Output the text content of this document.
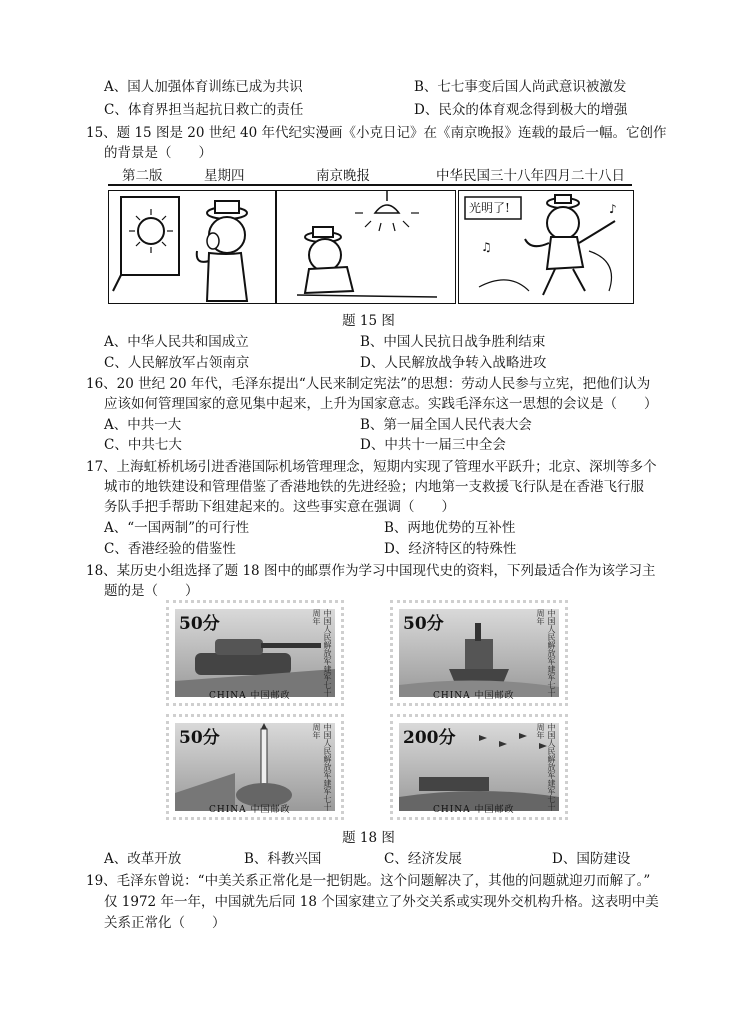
A、国人加强体育训练已成为共识	B、七七事变后国人尚武意识被激发
C、体育界担当起抗日救亡的责任	D、民众的体育观念得到极大的增强
15、题 15 图是 20 世纪 40 年代纪实漫画《小克日记》在《南京晚报》连载的最后一幅。它创作
的背景是（　　）
第二版	星期四	南京晚报	中华民国三十八年四月二十八日
♪
♫
光明了!
题 15 图
A、中华人民共和国成立	B、中国人民抗日战争胜利结束
C、人民解放军占领南京	D、人民解放战争转入战略进攻
16、20 世纪 20 年代，毛泽东提出“人民来制定宪法”的思想：劳动人民参与立宪，把他们认为
应该如何管理国家的意见集中起来，上升为国家意志。实践毛泽东这一思想的会议是（　　）
A、中共一大	B、第一届全国人民代表大会
C、中共七大	D、中共十一届三中全会
17、上海虹桥机场引进香港国际机场管理理念，短期内实现了管理水平跃升；北京、深圳等多个
城市的地铁建设和管理借鉴了香港地铁的先进经验；内地第一支救援飞行队是在香港飞行服
务队手把手帮助下组建起来的。这些事实意在强调（　　）
A、“一国两制”的可行性	B、两地优势的互补性
C、香港经验的借鉴性	D、经济特区的特殊性
18、某历史小组选择了题 18 图中的邮票作为学习中国现代史的资料，下列最适合作为该学习主
题的是（　　）
50分	中国人民解放军建军七十周年
CHINA 中国邮政
50分	中国人民解放军建军七十周年
CHINA 中国邮政
50分	中国人民解放军建军七十周年
CHINA 中国邮政
200分	中国人民解放军建军七十周年
CHINA 中国邮政
题 18 图
A、改革开放	B、科教兴国	C、经济发展	D、国防建设
19、毛泽东曾说：“中美关系正常化是一把钥匙。这个问题解决了，其他的问题就迎刃而解了。”
仅 1972 年一年，中国就先后同 18 个国家建立了外交关系或实现外交机构升格。这表明中美
关系正常化（　　）
